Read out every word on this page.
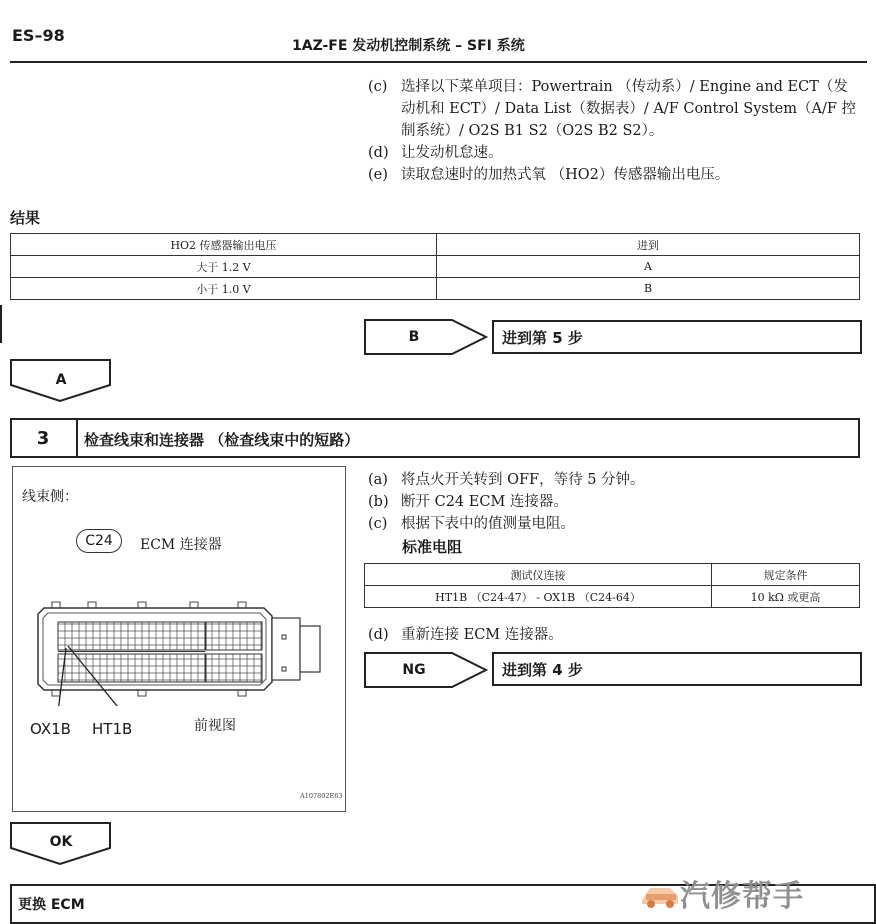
ES–98
1AZ-FE 发动机控制系统 – SFI 系统
(c) 选择以下菜单项目：Powertrain （传动系）/ Engine and ECT（发动机和 ECT）/ Data List（数据表）/ A/F Control System（A/F 控制系统）/ O2S B1 S2（O2S B2 S2）。
(d) 让发动机怠速。
(e) 读取怠速时的加热式氧 （HO2）传感器输出电压。
结果
HO2 传感器输出电压	进到
大于 1.2 V	A
小于 1.0 V	B
B	进到第 5 步
A
3	检查线束和连接器 （检查线束中的短路）
线束侧：
C24	ECM 连接器
OX1B HT1B	前视图
A107892E63
(a) 将点火开关转到 OFF，等待 5 分钟。
(b) 断开 C24 ECM 连接器。
(c) 根据下表中的值测量电阻。
标准电阻
测试仪连接	规定条件
HT1B （C24-47） - OX1B （C24-64）	10 kΩ 或更高
(d) 重新连接 ECM 连接器。
NG	进到第 4 步
OK
更换 ECM	汽修帮手
